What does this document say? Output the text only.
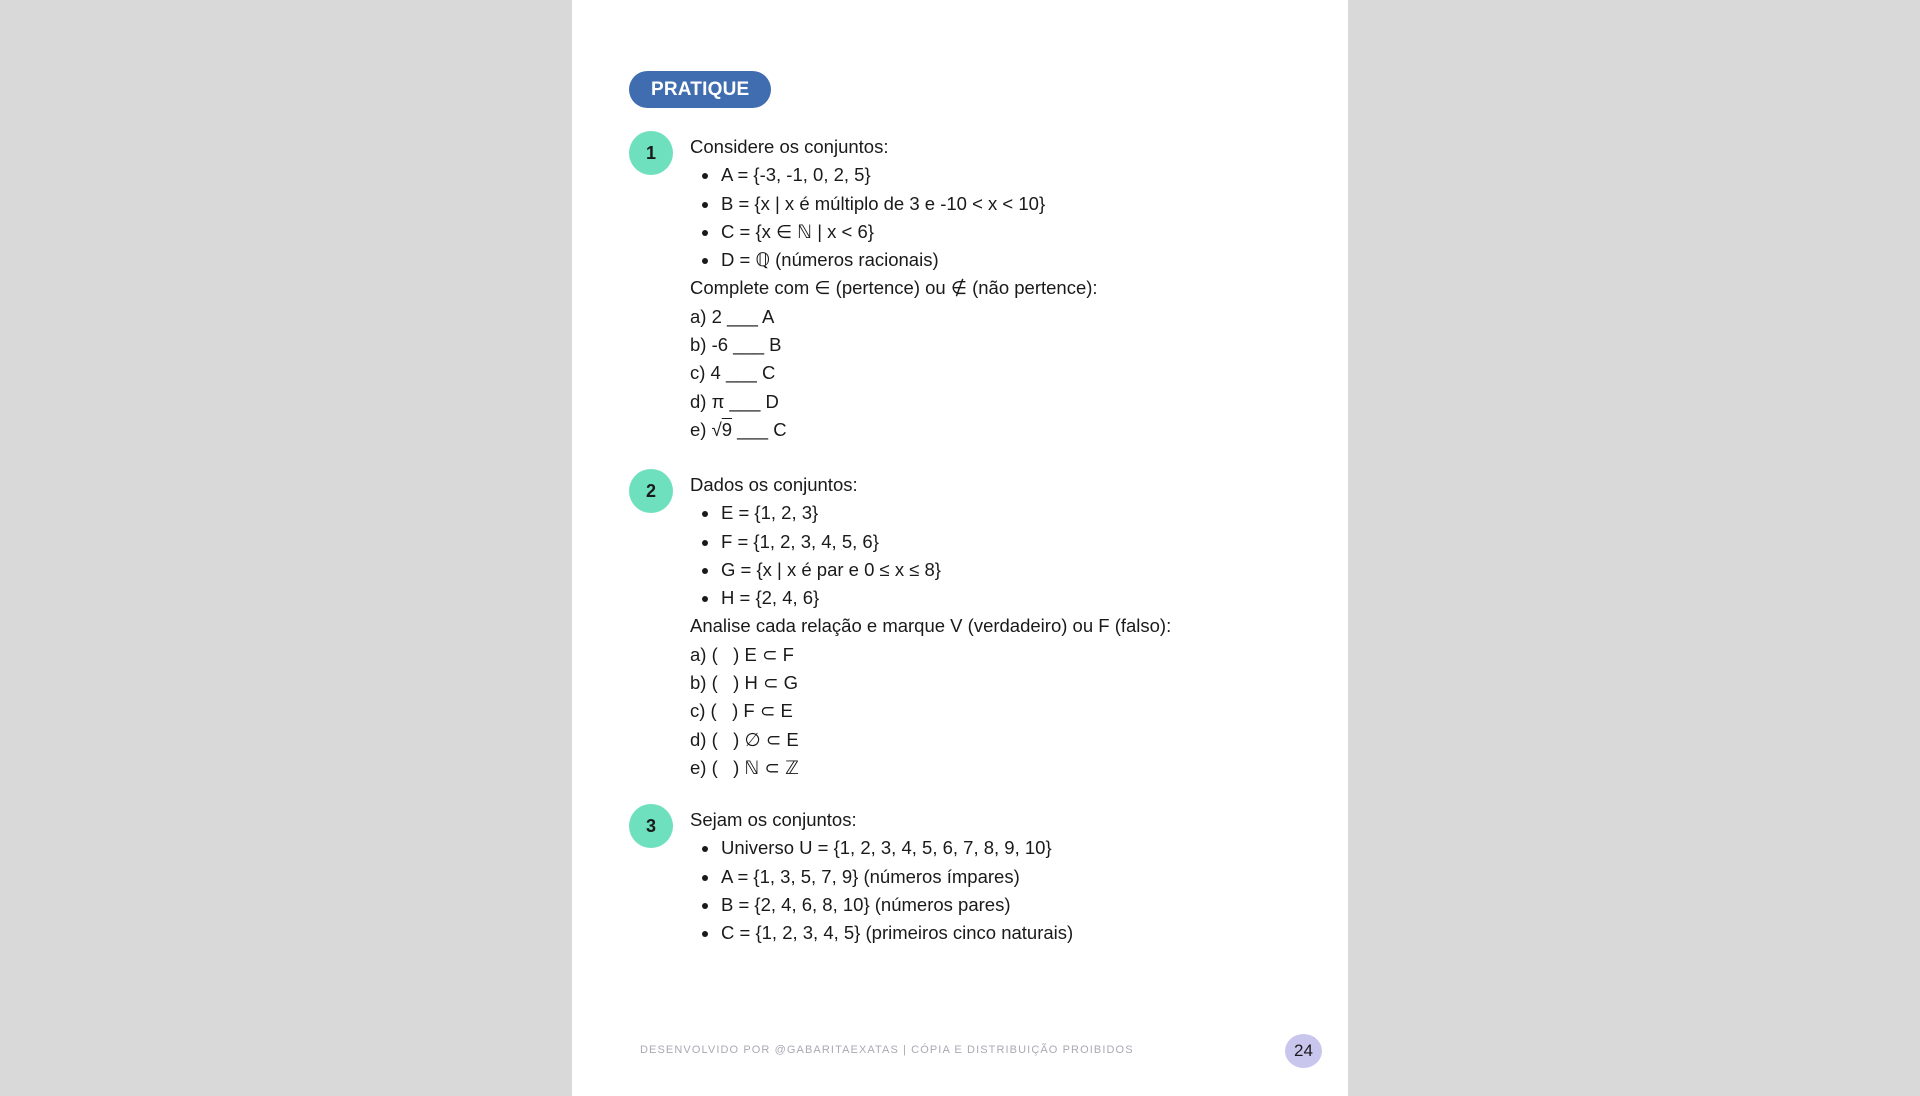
PRATIQUE
1	Considere os conjuntos:
A = {-3, -1, 0, 2, 5}
B = {x | x é múltiplo de 3 e -10 < x < 10}
C = {x ∈ ℕ | x < 6}
D = ℚ (números racionais)
Complete com ∈ (pertence) ou ∉ (não pertence):
a) 2 ___ A
b) -6 ___ B
c) 4 ___ C
d) π ___ D
e) √9 ___ C
2	Dados os conjuntos:
E = {1, 2, 3}
F = {1, 2, 3, 4, 5, 6}
G = {x | x é par e 0 ≤ x ≤ 8}
H = {2, 4, 6}
Analise cada relação e marque V (verdadeiro) ou F (falso):
a) (   ) E ⊂ F
b) (   ) H ⊂ G
c) (   ) F ⊂ E
d) (   ) ∅ ⊂ E
e) (   ) ℕ ⊂ ℤ
3	Sejam os conjuntos:
Universo U = {1, 2, 3, 4, 5, 6, 7, 8, 9, 10}
A = {1, 3, 5, 7, 9} (números ímpares)
B = {2, 4, 6, 8, 10} (números pares)
C = {1, 2, 3, 4, 5} (primeiros cinco naturais)
DESENVOLVIDO POR @GABARITAEXATAS | CÓPIA E DISTRIBUIÇÃO PROIBIDOS	24
